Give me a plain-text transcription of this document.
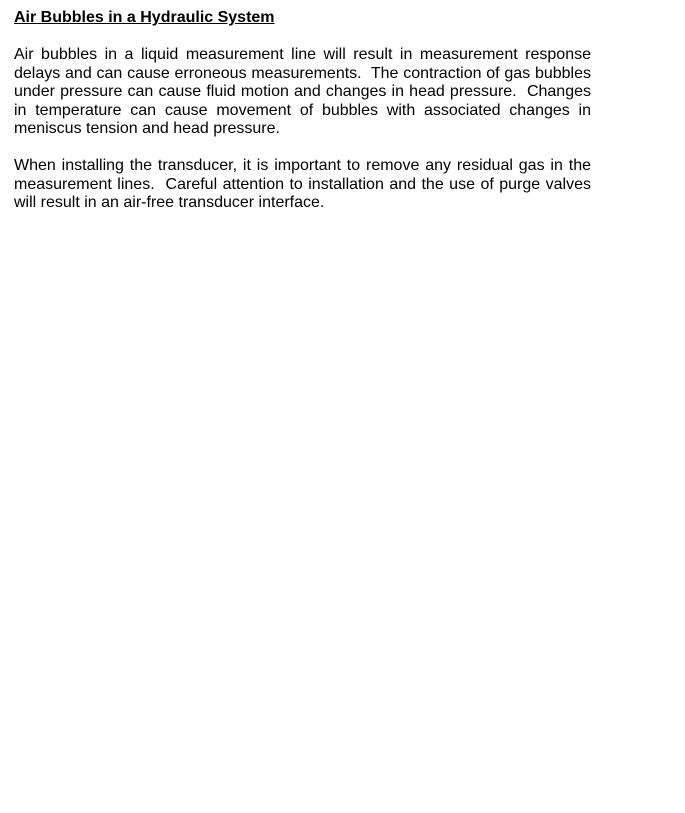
Air Bubbles in a Hydraulic System

Air bubbles in a liquid measurement line will result in measurement response delays and can cause erroneous measurements.  The contraction of gas bubbles under pressure can cause fluid motion and changes in head pressure.  Changes in temperature can cause movement of bubbles with associated changes in meniscus tension and head pressure.

When installing the transducer, it is important to remove any residual gas in the measurement lines.  Careful attention to installation and the use of purge valves will result in an air-free transducer interface.
